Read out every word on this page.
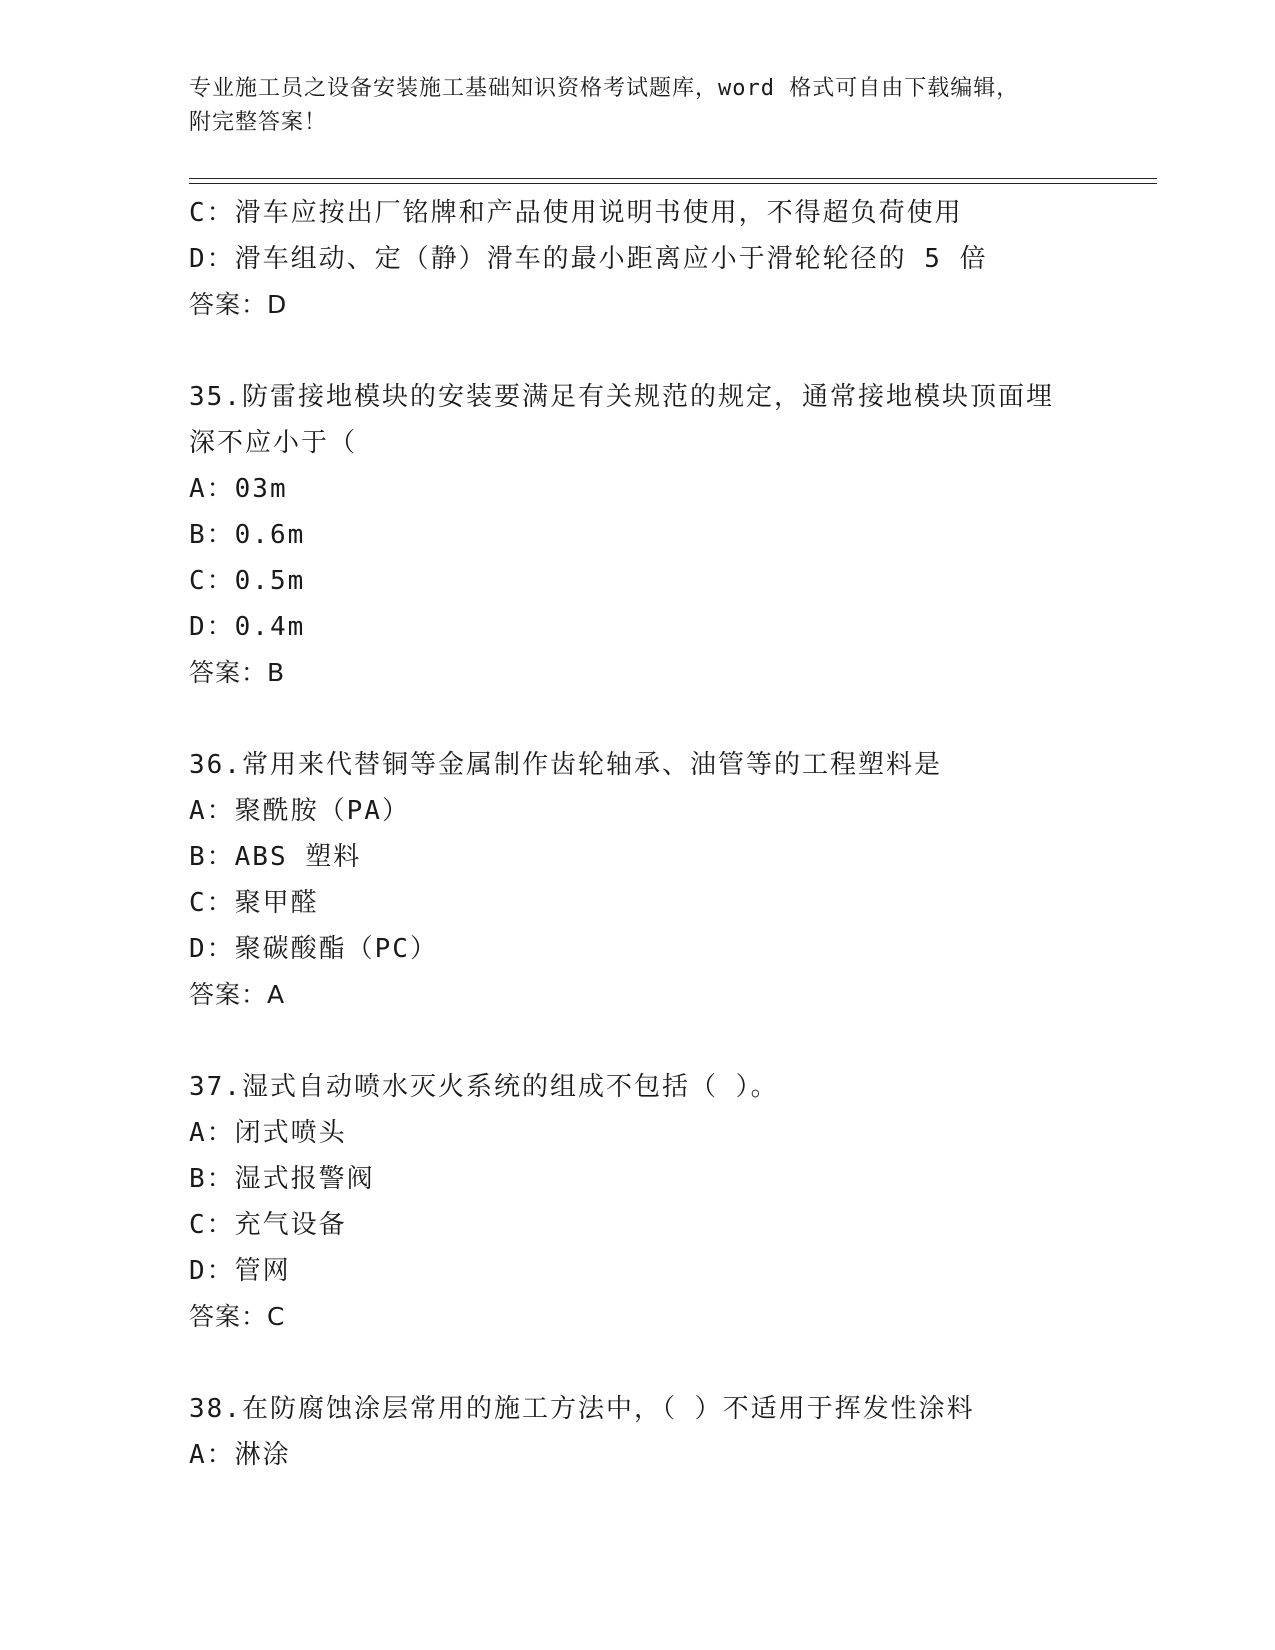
专业施工员之设备安装施工基础知识资格考试题库，word 格式可自由下载编辑，
附完整答案！
C：滑车应按出厂铭牌和产品使用说明书使用，不得超负荷使用
D：滑车组动、定（静）滑车的最小距离应小于滑轮轮径的 5 倍
答案：D
35.防雷接地模块的安装要满足有关规范的规定，通常接地模块顶面埋
深不应小于（
A：03m
B：0.6m
C：0.5m
D：0.4m
答案：B
36.常用来代替铜等金属制作齿轮轴承、油管等的工程塑料是
A：聚酰胺（PA）
B：ABS 塑料
C：聚甲醛
D：聚碳酸酯（PC）
答案：A
37.湿式自动喷水灭火系统的组成不包括（ ）。
A：闭式喷头
B：湿式报警阀
C：充气设备
D：管网
答案：C
38.在防腐蚀涂层常用的施工方法中，（ ）不适用于挥发性涂料
A：淋涂
